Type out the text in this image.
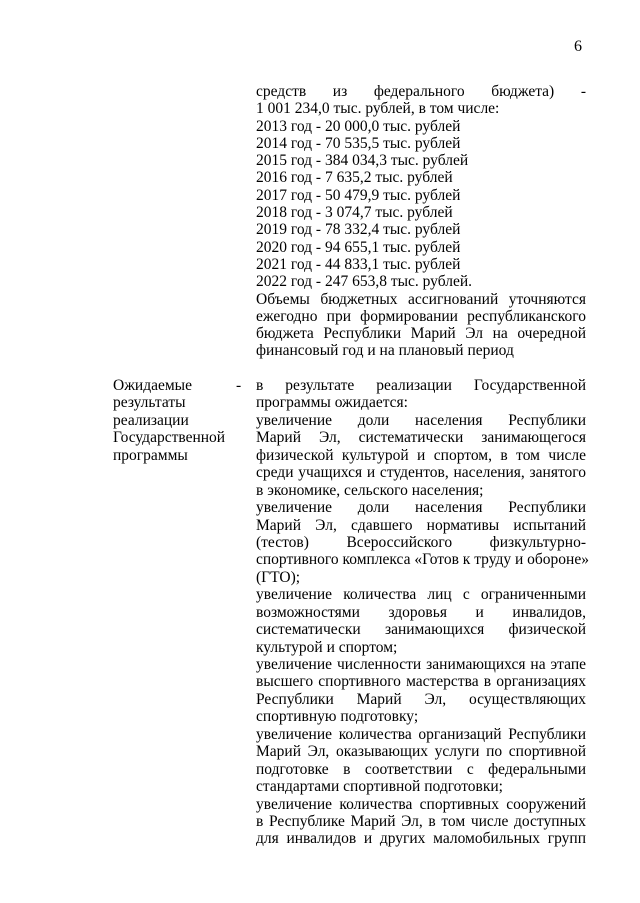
6
средств из федерального бюджета) -
1 001 234,0 тыс. рублей, в том числе:
2013 год - 20 000,0 тыс. рублей
2014 год - 70 535,5 тыс. рублей
2015 год - 384 034,3 тыс. рублей
2016 год - 7 635,2 тыс. рублей
2017 год - 50 479,9 тыс. рублей
2018 год - 3 074,7 тыс. рублей
2019 год - 78 332,4 тыс. рублей
2020 год - 94 655,1 тыс. рублей
2021 год - 44 833,1 тыс. рублей
2022 год - 247 653,8 тыс. рублей.
Объемы бюджетных ассигнований уточняются
ежегодно при формировании республиканского
бюджета Республики Марий Эл на очередной
финансовый год и на плановый период
Ожидаемые
результаты
реализации
Государственной
программы
- в результате реализации Государственной
программы ожидается:
увеличение доли населения Республики
Марий Эл, систематически занимающегося
физической культурой и спортом, в том числе
среди учащихся и студентов, населения, занятого
в экономике, сельского населения;
увеличение доли населения Республики
Марий Эл, сдавшего нормативы испытаний
(тестов) Всероссийского физкультурно-
спортивного комплекса «Готов к труду и обороне»
(ГТО);
увеличение количества лиц с ограниченными
возможностями здоровья и инвалидов,
систематически занимающихся физической
культурой и спортом;
увеличение численности занимающихся на этапе
высшего спортивного мастерства в организациях
Республики Марий Эл, осуществляющих
спортивную подготовку;
увеличение количества организаций Республики
Марий Эл, оказывающих услуги по спортивной
подготовке в соответствии с федеральными
стандартами спортивной подготовки;
увеличение количества спортивных сооружений
в Республике Марий Эл, в том числе доступных
для инвалидов и других маломобильных групп
